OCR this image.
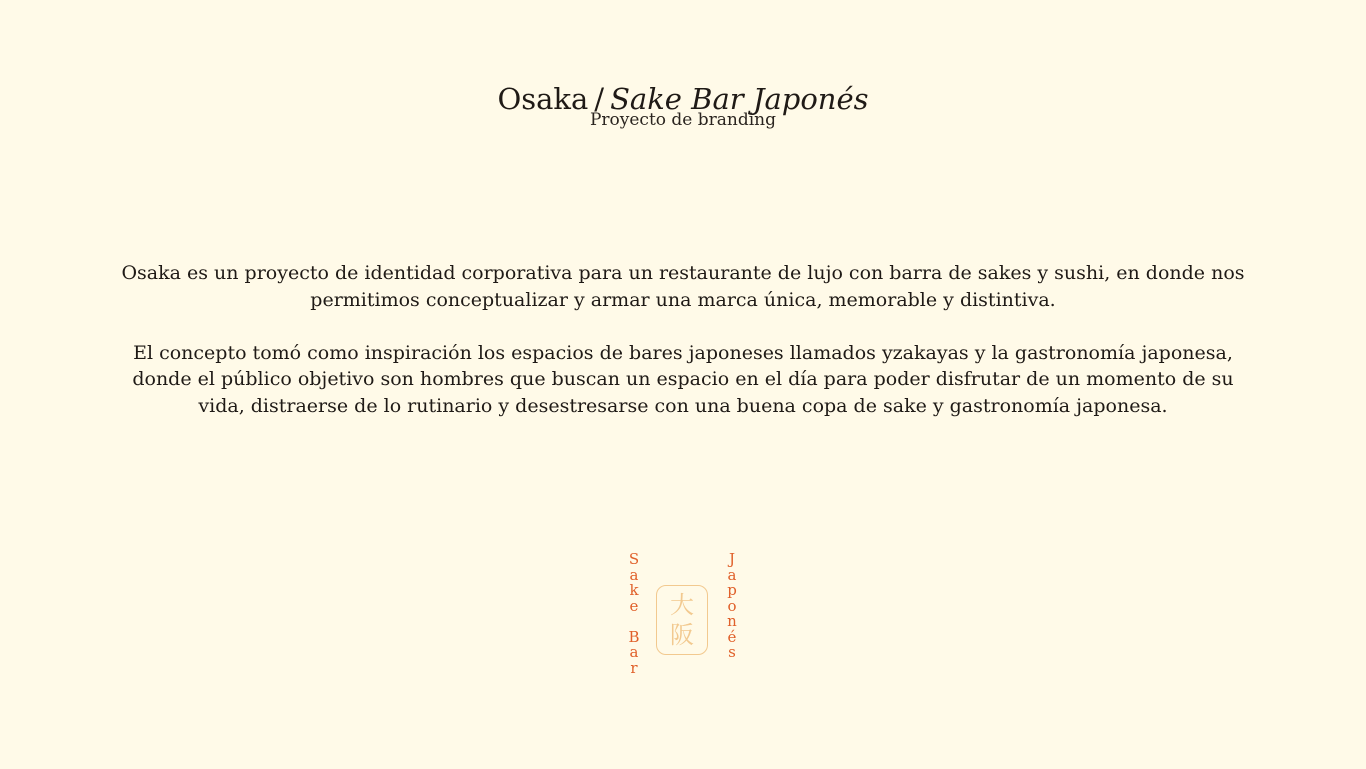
Osaka / Sake Bar Japonés
Proyecto de branding

Osaka es un proyecto de identidad corporativa para un restaurante de lujo con barra de sakes y sushi, en donde nos permitimos conceptualizar y armar una marca única, memorable y distintiva.

El concepto tomó como inspiración los espacios de bares japoneses llamados yzakayas y la gastronomía japonesa, donde el público objetivo son hombres que buscan un espacio en el día para poder disfrutar de un momento de su vida, distraerse de lo rutinario y desestresarse con una buena copa de sake y gastronomía japonesa.

S
a
k
e

B
a
r
大
阪
J
a
p
o
n
é
s
